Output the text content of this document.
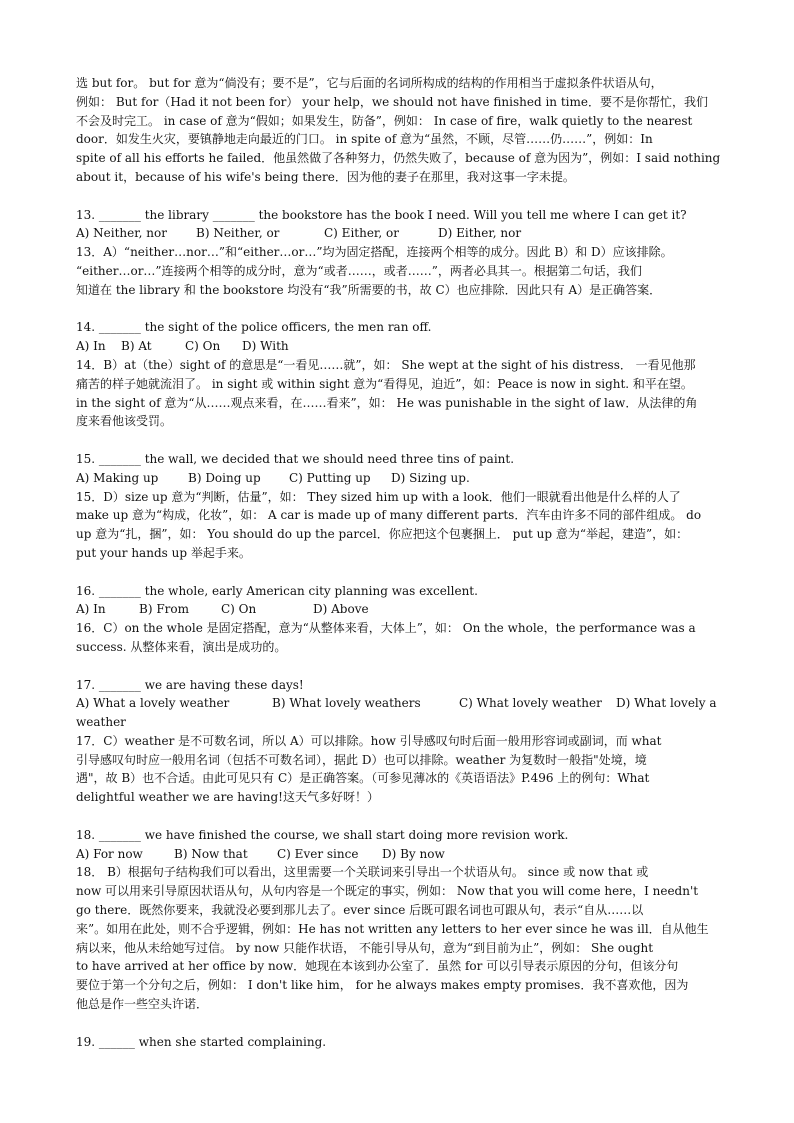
选 but for。 but for 意为“倘没有；要不是”，它与后面的名词所构成的结构的作用相当于虚拟条件状语从句，

例如： But for（Had it not been for） your help，we should not have finished in time．要不是你帮忙，我们

不会及时完工。 in case of 意为“假如；如果发生，防备”，例如： In case of fire，walk quietly to the nearest

door．如发生火灾，要镇静地走向最近的门口。 in spite of 意为“虽然，不顾，尽管……仍……”，例如：In

spite of all his efforts he failed．他虽然做了各种努力，仍然失败了，because of 意为因为”，例如：I said nothing

about it，because of his wife's being there．因为他的妻子在那里，我对这事一字未提。

13. _______ the library _______ the bookstore has the book I need. Will you tell me where I can get it?

A) Neither, nor	B) Neither, or	C) Either, or	D) Either, nor

13．A）“neither…nor…”和“either…or…”均为固定搭配，连接两个相等的成分。因此 B）和 D）应该排除。

“either…or…”连接两个相等的成分时，意为“或者……，或者……”，两者必具其一。根据第二句话，我们

知道在 the library 和 the bookstore 均没有“我”所需要的书，故 C）也应排除．因此只有 A）是正确答案．

14. _______ the sight of the police officers, the men ran off.

A) In	B) At	C) On	D) With

14．B）at（the）sight of 的意思是“一看见……就”，如： She wept at the sight of his distress． 一看见他那

痛苦的样子她就流泪了。 in sight 或 within sight 意为“看得见，迫近”，如：Peace is now in sight. 和平在望。

in the sight of 意为“从……观点来看，在……看来”，如： He was punishable in the sight of law．从法律的角

度来看他该受罚。

15. _______ the wall, we decided that we should need three tins of paint.

A) Making up	B) Doing up	C) Putting up	D) Sizing up.

15．D）size up 意为“判断，估量”，如： They sized him up with a look．他们一眼就看出他是什么样的人了

make up 意为“构成，化妆”，如： A car is made up of many different parts．汽车由许多不同的部件组成。 do

up 意为“扎，捆”，如： You should do up the parcel．你应把这个包裹捆上． put up 意为“举起，建造”，如：

put your hands up 举起手来。

16. _______ the whole, early American city planning was excellent.

A) In	B) From	C) On	D) Above

16．C）on the whole 是固定搭配，意为“从整体来看，大体上”，如： On the whole，the performance was a

success. 从整体来看，演出是成功的。

17. _______ we are having these days!

A) What a lovely weather	B) What lovely weathers	C) What lovely weather	D) What lovely a

weather

17．C）weather 是不可数名词，所以 A）可以排除。how 引导感叹句时后面一般用形容词或副词，而 what

引导感叹句时应一般用名词（包括不可数名词），据此 D）也可以排除。weather 为复数时一般指"处境，境

遇"，故 B）也不合适。由此可见只有 C）是正确答案。（可参见薄冰的《英语语法》P.496 上的例句：What

delightful weather we are having!这天气多好呀！）

18. _______ we have finished the course, we shall start doing more revision work.

A) For now	B) Now that	C) Ever since	D) By now

18． B）根据句子结构我们可以看出，这里需要一个关联词来引导出一个状语从句。 since 或 now that 或

now 可以用来引导原因状语从句，从句内容是一个既定的事实，例如： Now that you will come here，I needn't

go there．既然你要来，我就没必要到那儿去了。ever since 后既可跟名词也可跟从句，表示“自从……以

来”。如用在此处，则不合乎逻辑，例如：He has not written any letters to her ever since he was ill．自从他生

病以来，他从未给她写过信。 by now 只能作状语， 不能引导从句，意为“到目前为止”，例如： She ought

to have arrived at her office by now．她现在本该到办公室了．虽然 for 可以引导表示原因的分句，但该分句

要位于第一个分句之后，例如： I don't like him， for he always makes empty promises．我不喜欢他，因为

他总是作一些空头许诺．

19. ______ when she started complaining.
